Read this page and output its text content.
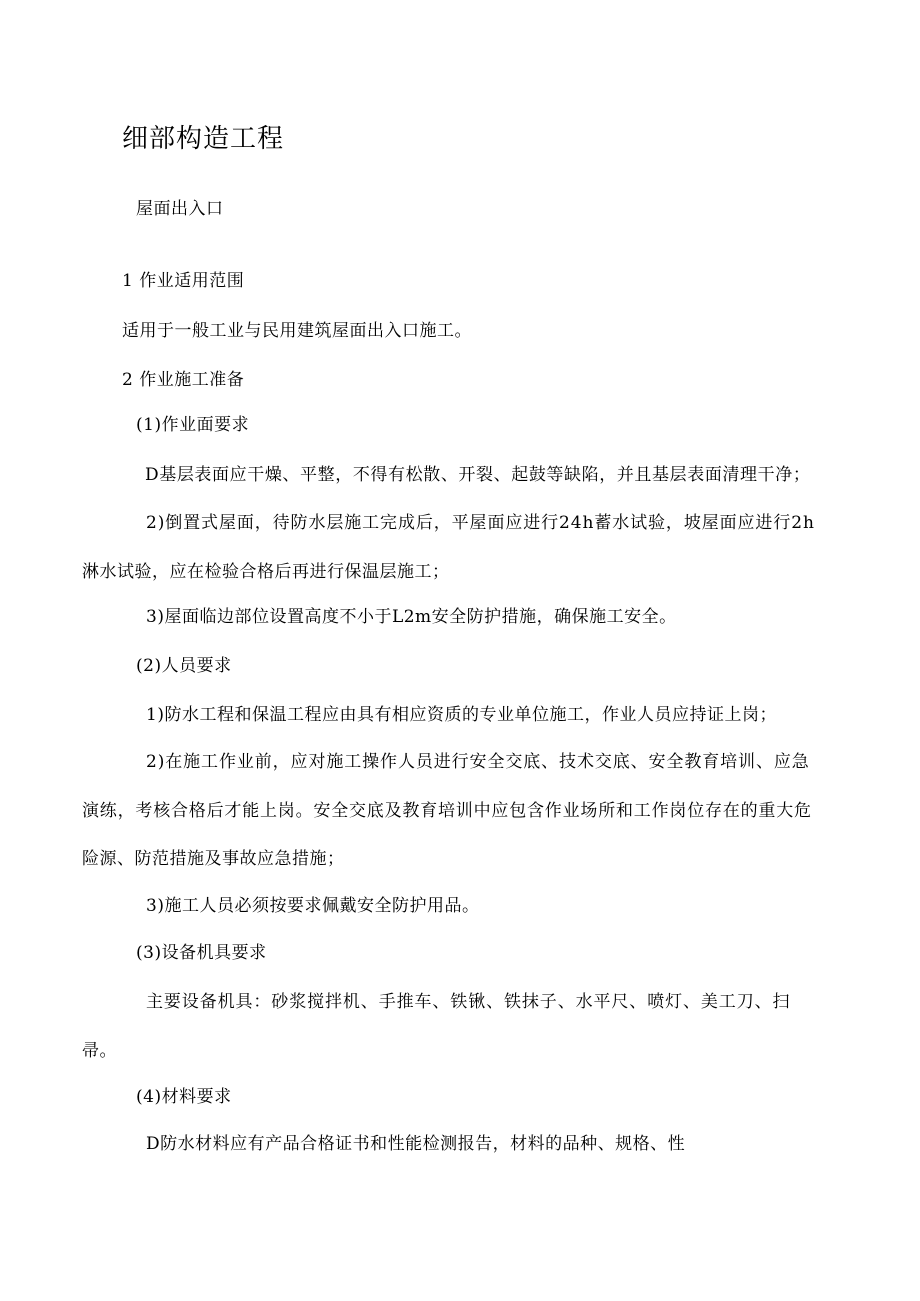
细部构造工程
屋面出入口
1 作业适用范围
适用于一般工业与民用建筑屋面出入口施工。
2 作业施工准备
(1)作业面要求
D基层表面应干燥、平整，不得有松散、开裂、起鼓等缺陷，并且基层表面清理干净；
2)倒置式屋面，待防水层施工完成后，平屋面应进行24h蓄水试验，坡屋面应进行2h
淋水试验，应在检验合格后再进行保温层施工；
3)屋面临边部位设置高度不小于L2m安全防护措施，确保施工安全。
(2)人员要求
1)防水工程和保温工程应由具有相应资质的专业单位施工，作业人员应持证上岗；
2)在施工作业前，应对施工操作人员进行安全交底、技术交底、安全教育培训、应急
演练，考核合格后才能上岗。安全交底及教育培训中应包含作业场所和工作岗位存在的重大危
险源、防范措施及事故应急措施；
3)施工人员必须按要求佩戴安全防护用品。
(3)设备机具要求
主要设备机具：砂浆搅拌机、手推车、铁锹、铁抹子、水平尺、喷灯、美工刀、扫
帚。
(4)材料要求
D防水材料应有产品合格证书和性能检测报告，材料的品种、规格、性
